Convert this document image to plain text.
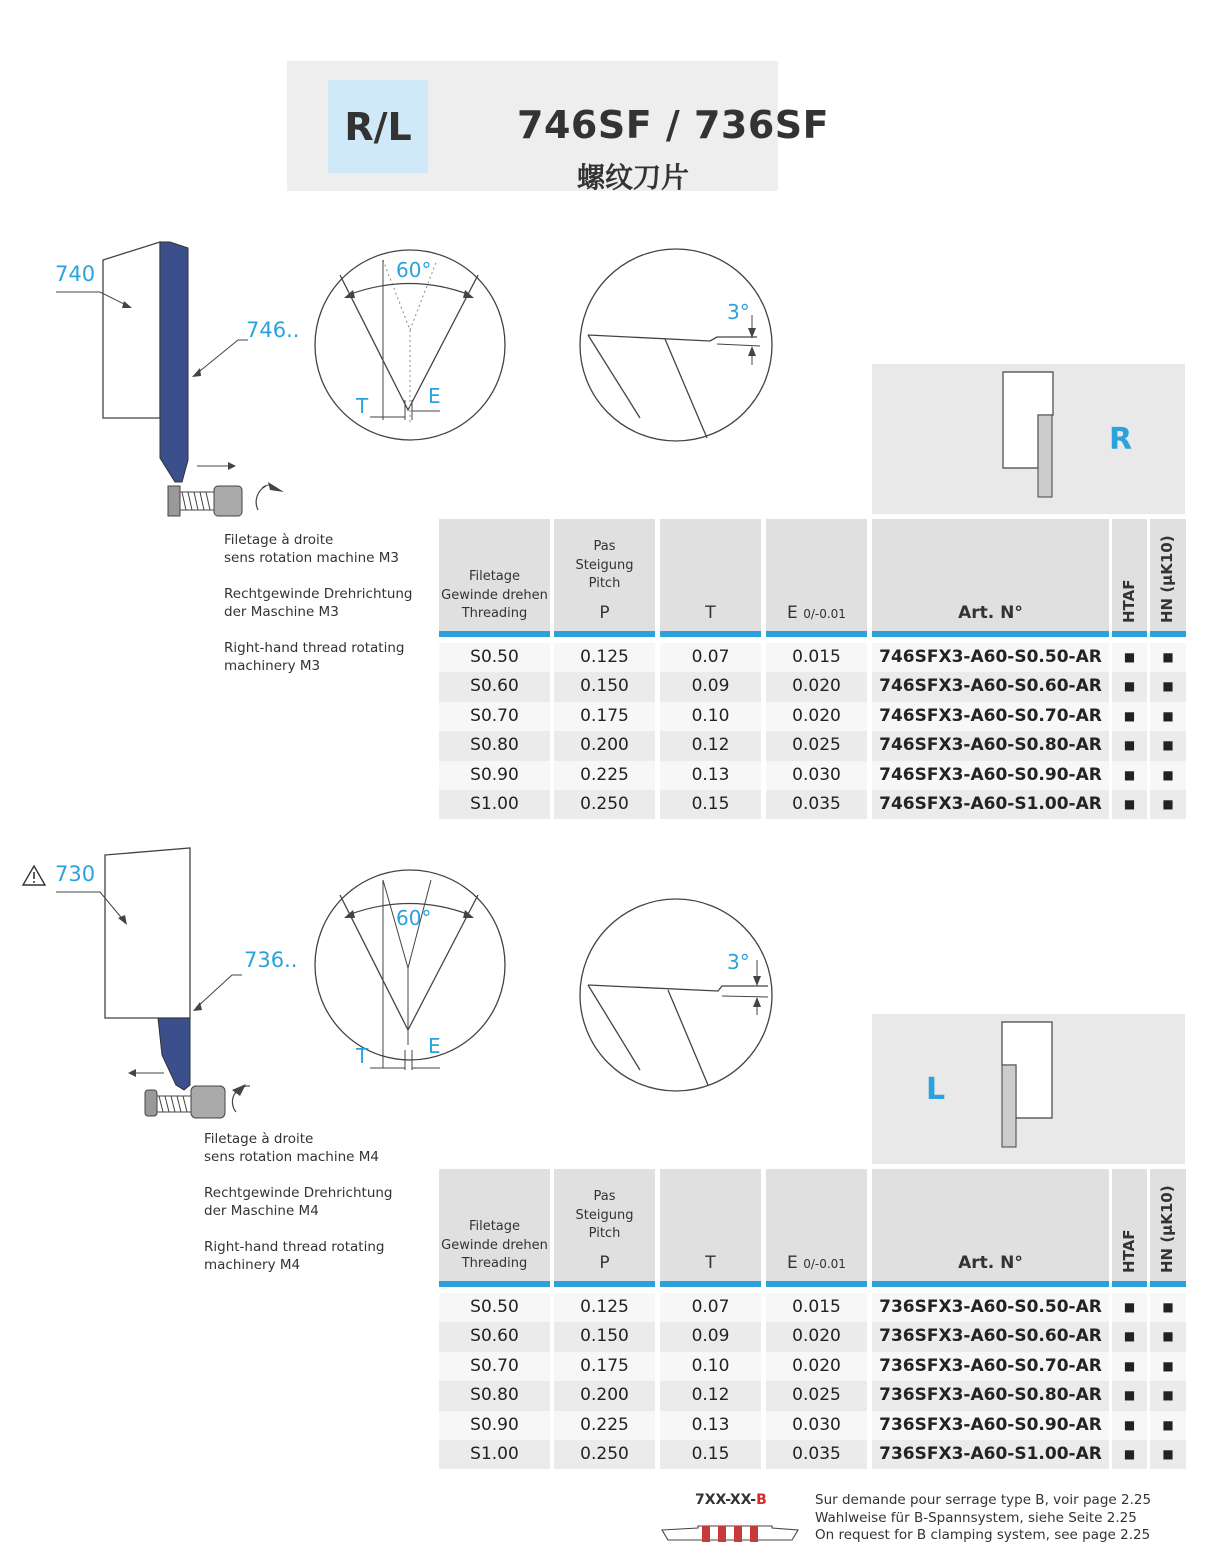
R/L	746SF / 736SF
螺纹刀片
740
746..
60°
T	E
3°

Filetage à droite
sens rotation machine M3

Rechtgewinde Drehrichtung
der Maschine M3

Right-hand thread rotating
machinery M3

R
Filetage
Gewinde drehen
Threading
Pas
Steigung
Pitch
P	T	E 0/-0.01	Art. N°	HTAF HN (μK10)
S0.50	0.125	0.07	0.015	746SFX3-A60-S0.50-AR	■	■
S0.60	0.150	0.09	0.020	746SFX3-A60-S0.60-AR	■	■
S0.70	0.175	0.10	0.020	746SFX3-A60-S0.70-AR	■	■
S0.80	0.200	0.12	0.025	746SFX3-A60-S0.80-AR	■	■
S0.90	0.225	0.13	0.030	746SFX3-A60-S0.90-AR	■	■
S1.00	0.250	0.15	0.035	746SFX3-A60-S1.00-AR	■	■
730
736..
60°
T	E
3°

Filetage à droite
sens rotation machine M4

Rechtgewinde Drehrichtung
der Maschine M4

Right-hand thread rotating
machinery M4

L
Filetage
Gewinde drehen
Threading
Pas
Steigung
Pitch
P	T	E 0/-0.01	Art. N°	HTAF HN (μK10)
S0.50	0.125	0.07	0.015	736SFX3-A60-S0.50-AR	■	■
S0.60	0.150	0.09	0.020	736SFX3-A60-S0.60-AR	■	■
S0.70	0.175	0.10	0.020	736SFX3-A60-S0.70-AR	■	■
S0.80	0.200	0.12	0.025	736SFX3-A60-S0.80-AR	■	■
S0.90	0.225	0.13	0.030	736SFX3-A60-S0.90-AR	■	■
S1.00	0.250	0.15	0.035	736SFX3-A60-S1.00-AR	■	■
7XX-XX-B	Sur demande pour serrage type B, voir page 2.25
Wahlweise für B-Spannsystem, siehe Seite 2.25
On request for B clamping system, see page 2.25
